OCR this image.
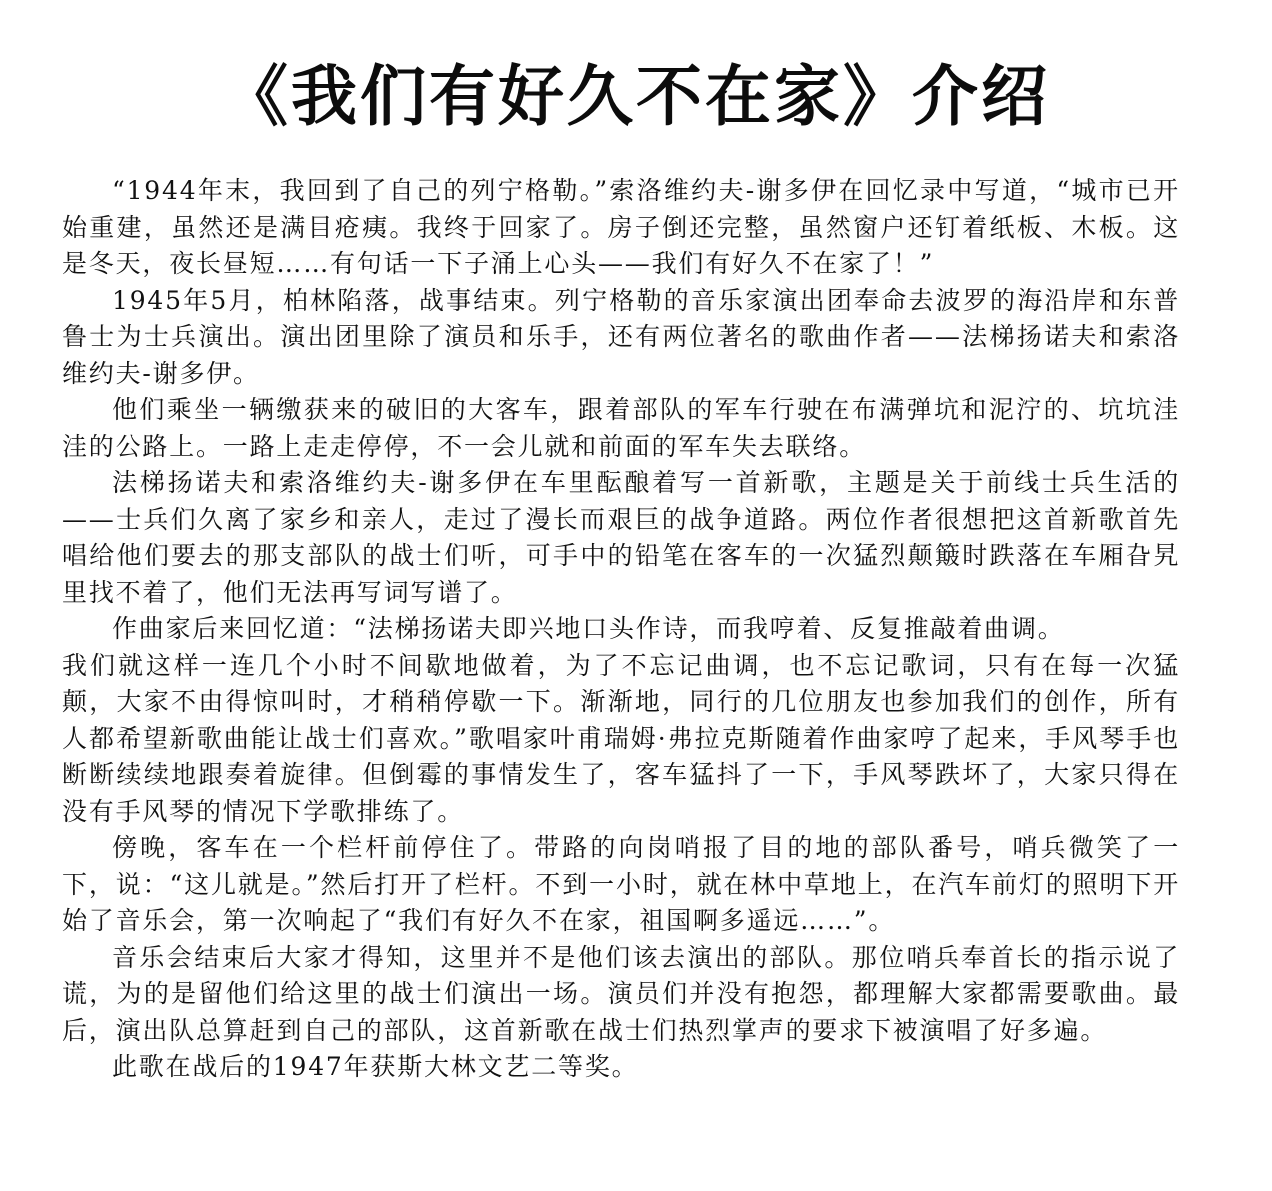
《我们有好久不在家》介绍

“1944年末，我回到了自己的列宁格勒。”索洛维约夫-谢多伊在回忆录中写道，“城市已开始重建，虽然还是满目疮痍。我终于回家了。房子倒还完整，虽然窗户还钉着纸板、木板。这是冬天，夜长昼短……有句话一下子涌上心头——我们有好久不在家了！”

1945年5月，柏林陷落，战事结束。列宁格勒的音乐家演出团奉命去波罗的海沿岸和东普鲁士为士兵演出。演出团里除了演员和乐手，还有两位著名的歌曲作者——法梯扬诺夫和索洛维约夫-谢多伊。

他们乘坐一辆缴获来的破旧的大客车，跟着部队的军车行驶在布满弹坑和泥泞的、坑坑洼洼的公路上。一路上走走停停，不一会儿就和前面的军车失去联络。

法梯扬诺夫和索洛维约夫-谢多伊在车里酝酿着写一首新歌，主题是关于前线士兵生活的——士兵们久离了家乡和亲人，走过了漫长而艰巨的战争道路。两位作者很想把这首新歌首先唱给他们要去的那支部队的战士们听，可手中的铅笔在客车的一次猛烈颠簸时跌落在车厢旮旯里找不着了，他们无法再写词写谱了。

作曲家后来回忆道：“法梯扬诺夫即兴地口头作诗，而我哼着、反复推敲着曲调。

我们就这样一连几个小时不间歇地做着，为了不忘记曲调，也不忘记歌词，只有在每一次猛颠，大家不由得惊叫时，才稍稍停歇一下。渐渐地，同行的几位朋友也参加我们的创作，所有人都希望新歌曲能让战士们喜欢。”歌唱家叶甫瑞姆·弗拉克斯随着作曲家哼了起来，手风琴手也断断续续地跟奏着旋律。但倒霉的事情发生了，客车猛抖了一下，手风琴跌坏了，大家只得在没有手风琴的情况下学歌排练了。

傍晚，客车在一个栏杆前停住了。带路的向岗哨报了目的地的部队番号，哨兵微笑了一下，说：“这儿就是。”然后打开了栏杆。不到一小时，就在林中草地上，在汽车前灯的照明下开始了音乐会，第一次响起了“我们有好久不在家，祖国啊多遥远……”。

音乐会结束后大家才得知，这里并不是他们该去演出的部队。那位哨兵奉首长的指示说了谎，为的是留他们给这里的战士们演出一场。演员们并没有抱怨，都理解大家都需要歌曲。最后，演出队总算赶到自己的部队，这首新歌在战士们热烈掌声的要求下被演唱了好多遍。

此歌在战后的1947年获斯大林文艺二等奖。
